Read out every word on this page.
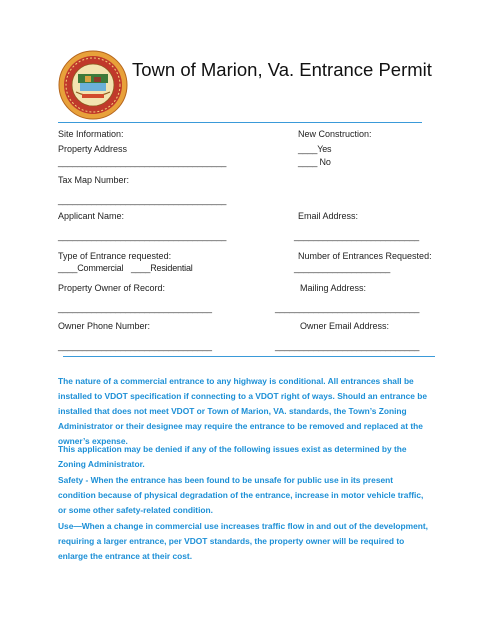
Town of Marion, Va. Entrance Permit
Site Information:
Property Address
___________________________________
New Construction:
____Yes
____ No
Tax Map Number:
___________________________________
Applicant Name:
___________________________________
Email Address:
__________________________
Type of Entrance requested:
____Commercial ____Residential
Number of Entrances Requested:
____________________
Property Owner of Record:
________________________________
Mailing Address:
______________________________
Owner Phone Number:
________________________________
Owner Email Address:
______________________________
The nature of a commercial entrance to any highway is conditional. All entrances shall be installed to VDOT specification if connecting to a VDOT right of ways. Should an entrance be installed that does not meet VDOT or Town of Marion, VA. standards, the Town’s Zoning Administrator or their designee may require the entrance to be removed and replaced at the owner’s expense.
This application may be denied if any of the following issues exist as determined by the Zoning Administrator.
Safety - When the entrance has been found to be unsafe for public use in its present condition because of physical degradation of the entrance, increase in motor vehicle traffic, or some other safety-related condition.
Use—When a change in commercial use increases traffic flow in and out of the development, requiring a larger entrance, per VDOT standards, the property owner will be required to enlarge the entrance at their cost.
